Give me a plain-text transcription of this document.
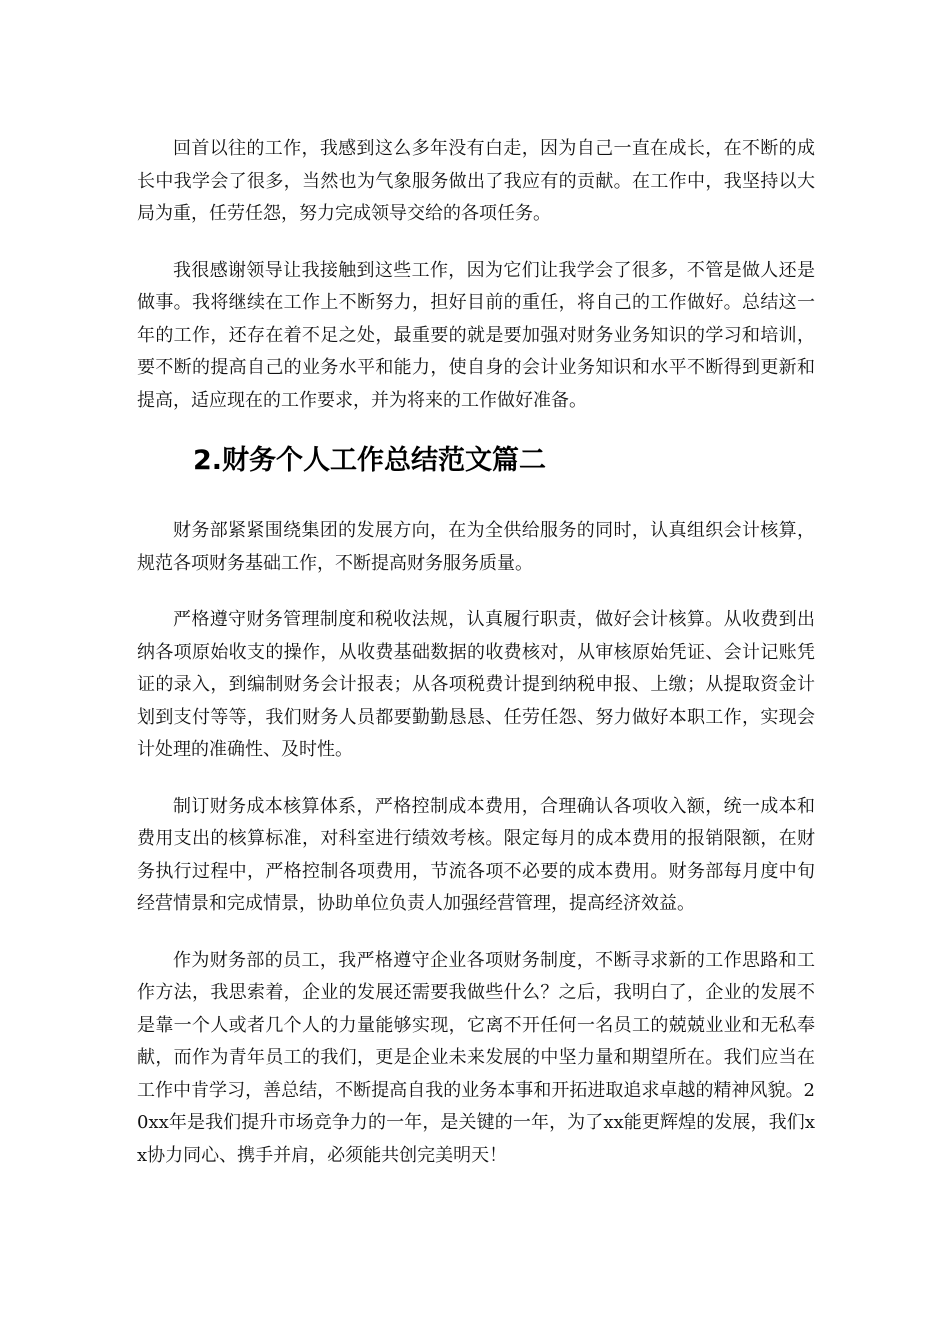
回首以往的工作，我感到这么多年没有白走，因为自己一直在成长，在不断的成长中我学会了很多，当然也为气象服务做出了我应有的贡献。在工作中，我坚持以大局为重，任劳任怨，努力完成领导交给的各项任务。

我很感谢领导让我接触到这些工作，因为它们让我学会了很多，不管是做人还是做事。我将继续在工作上不断努力，担好目前的重任，将自己的工作做好。总结这一年的工作，还存在着不足之处，最重要的就是要加强对财务业务知识的学习和培训，要不断的提高自己的业务水平和能力，使自身的会计业务知识和水平不断得到更新和提高，适应现在的工作要求，并为将来的工作做好准备。

2.财务个人工作总结范文篇二

财务部紧紧围绕集团的发展方向，在为全供给服务的同时，认真组织会计核算，规范各项财务基础工作，不断提高财务服务质量。

严格遵守财务管理制度和税收法规，认真履行职责，做好会计核算。从收费到出纳各项原始收支的操作，从收费基础数据的收费核对，从审核原始凭证、会计记账凭证的录入，到编制财务会计报表；从各项税费计提到纳税申报、上缴；从提取资金计划到支付等等，我们财务人员都要勤勤恳恳、任劳任怨、努力做好本职工作，实现会计处理的准确性、及时性。

制订财务成本核算体系，严格控制成本费用，合理确认各项收入额，统一成本和费用支出的核算标准，对科室进行绩效考核。限定每月的成本费用的报销限额，在财务执行过程中，严格控制各项费用，节流各项不必要的成本费用。财务部每月度中旬经营情景和完成情景，协助单位负责人加强经营管理，提高经济效益。

作为财务部的员工，我严格遵守企业各项财务制度，不断寻求新的工作思路和工作方法，我思索着，企业的发展还需要我做些什么？之后，我明白了，企业的发展不是靠一个人或者几个人的力量能够实现，它离不开任何一名员工的兢兢业业和无私奉献，而作为青年员工的我们，更是企业未来发展的中坚力量和期望所在。我们应当在工作中肯学习，善总结，不断提高自我的业务本事和开拓进取追求卓越的精神风貌。20xx年是我们提升市场竞争力的一年，是关键的一年，为了xx能更辉煌的发展，我们xx协力同心、携手并肩，必须能共创完美明天！
